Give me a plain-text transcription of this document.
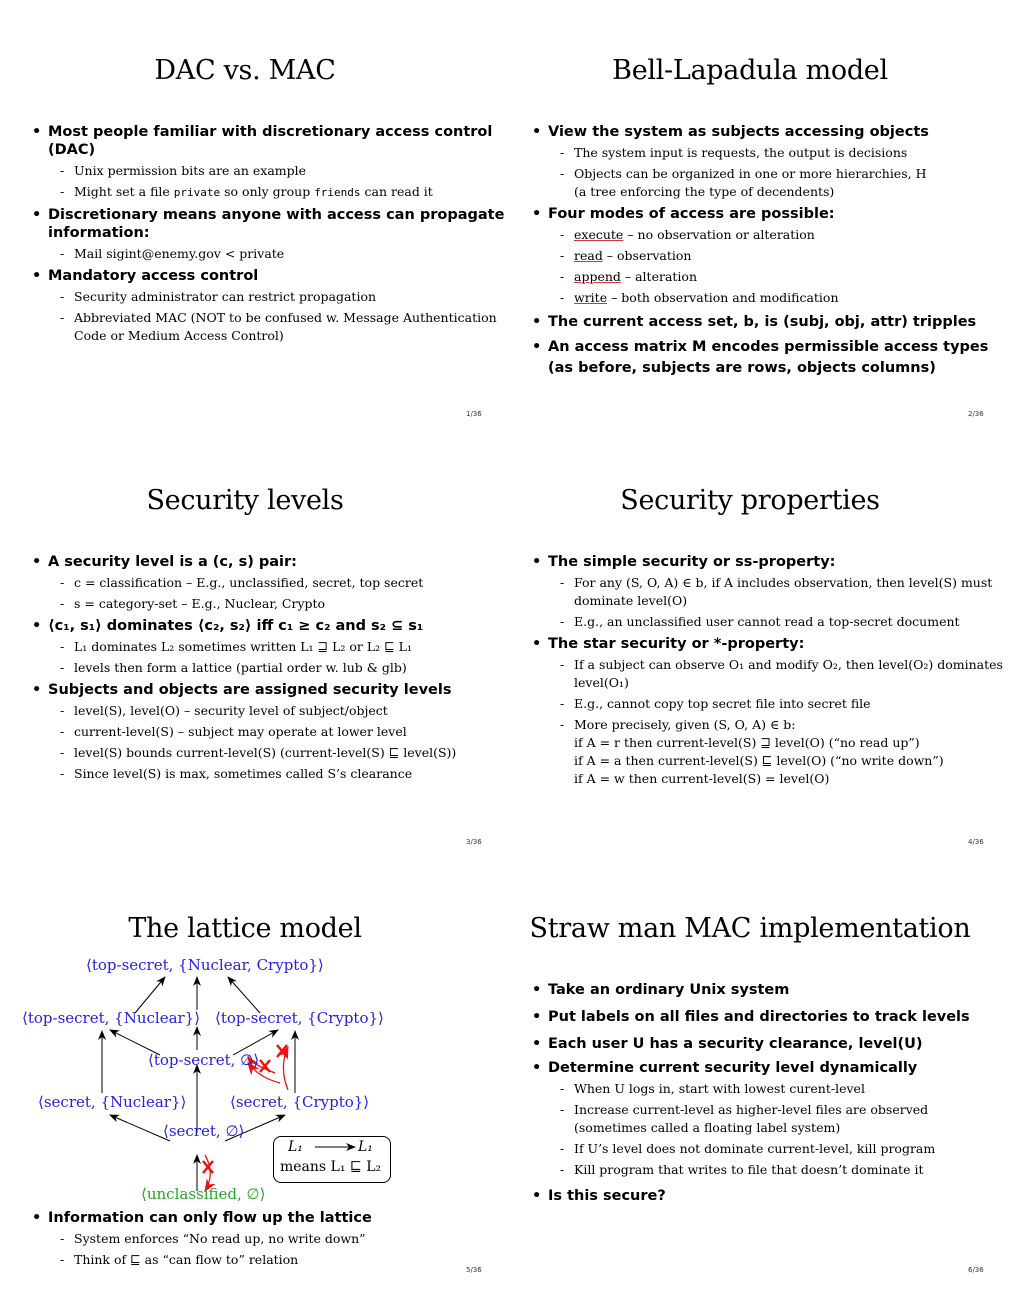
DAC vs. MAC
• Most people familiar with discretionary access control (DAC)
- Unix permission bits are an example
- Might set a file private so only group friends can read it
• Discretionary means anyone with access can propagate information:
- Mail sigint@enemy.gov < private
• Mandatory access control
- Security administrator can restrict propagation
- Abbreviated MAC (NOT to be confused w. Message Authentication Code or Medium Access Control)
1/36
Bell-Lapadula model
• View the system as subjects accessing objects
- The system input is requests, the output is decisions
- Objects can be organized in one or more hierarchies, H
(a tree enforcing the type of decendents)
• Four modes of access are possible:
- execute – no observation or alteration
- read – observation
- append – alteration
- write – both observation and modification
• The current access set, b, is (subj, obj, attr) tripples
• An access matrix M encodes permissible access types (as before, subjects are rows, objects columns)
2/36
Security levels
• A security level is a (c, s) pair:
- c = classification – E.g., unclassified, secret, top secret
- s = category-set – E.g., Nuclear, Crypto
• ⟨c₁, s₁⟩ dominates ⟨c₂, s₂⟩ iff c₁ ≥ c₂ and s₂ ⊆ s₁
- L₁ dominates L₂ sometimes written L₁ ⊒ L₂ or L₂ ⊑ L₁
- levels then form a lattice (partial order w. lub & glb)
• Subjects and objects are assigned security levels
- level(S), level(O) – security level of subject/object
- current-level(S) – subject may operate at lower level
- level(S) bounds current-level(S) (current-level(S) ⊑ level(S))
- Since level(S) is max, sometimes called S’s clearance
3/36
Security properties
• The simple security or ss-property:
- For any (S, O, A) ∈ b, if A includes observation, then level(S) must dominate level(O)
- E.g., an unclassified user cannot read a top-secret document
• The star security or *-property:
- If a subject can observe O₁ and modify O₂, then level(O₂) dominates level(O₁)
- E.g., cannot copy top secret file into secret file
- More precisely, given (S, O, A) ∈ b:
if A = r then current-level(S) ⊒ level(O) (“no read up”)
if A = a then current-level(S) ⊑ level(O) (“no write down”)
if A = w then current-level(S) = level(O)
4/36
The lattice model
⟨top-secret, {Nuclear, Crypto}⟩
⟨top-secret, {Nuclear}⟩ ⟨top-secret, {Crypto}⟩
⟨top-secret, ∅⟩
⟨secret, {Nuclear}⟩	⟨secret, {Crypto}⟩
⟨secret, ∅⟩
⟨unclassified, ∅⟩
L₁	L₁
means L₁ ⊑ L₂
• Information can only flow up the lattice
- System enforces “No read up, no write down”
- Think of ⊑ as “can flow to” relation
5/36
Straw man MAC implementation
• Take an ordinary Unix system
• Put labels on all files and directories to track levels
• Each user U has a security clearance, level(U)
• Determine current security level dynamically
- When U logs in, start with lowest curent-level
- Increase current-level as higher-level files are observed
(sometimes called a floating label system)
- If U’s level does not dominate current-level, kill program
- Kill program that writes to file that doesn’t dominate it
• Is this secure?
6/36
